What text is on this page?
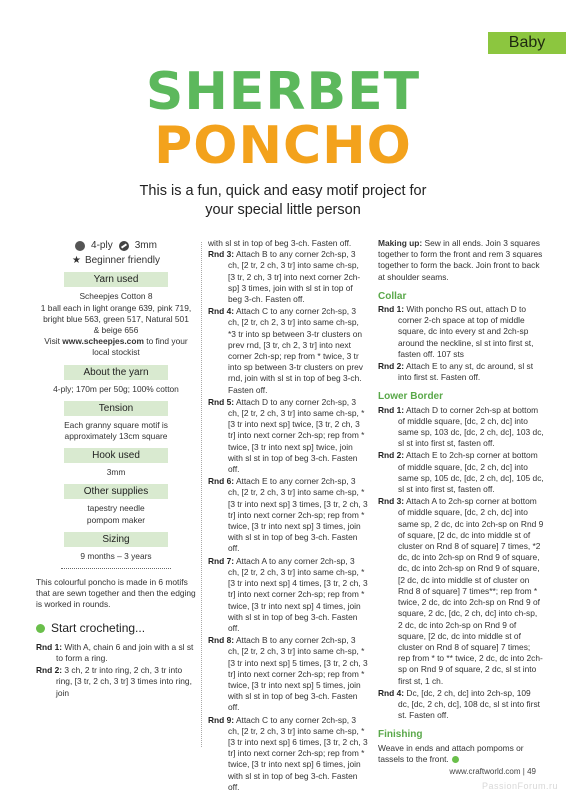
Baby
SHERBET
PONCHO
This is a fun, quick and easy motif project for
your special little person
4-ply 3mm
★ Beginner friendly
Yarn used

Scheepjes Cotton 8

1 ball each in light orange 639, pink 719,

bright blue 563, green 517, Natural 501

& beige 656

Visit www.scheepjes.com to find your

local stockist

About the yarn

4-ply; 170m per 50g; 100% cotton

Tension

Each granny square motif is

approximately 13cm square

Hook used

3mm

Other supplies

tapestry needle

pompom maker

Sizing

9 months – 3 years

This colourful poncho is made in 6 motifs that are sewn together and then the edging is worked in rounds.

Start crocheting...

Rnd 1: With A, chain 6 and join with a sl st to form a ring.

Rnd 2: 3 ch, 2 tr into ring, 2 ch, 3 tr into ring, [3 tr, 2 ch, 3 tr] 3 times into ring, join

with sl st in top of beg 3-ch. Fasten off.

Rnd 3: Attach B to any corner 2ch-sp, 3 ch, [2 tr, 2 ch, 3 tr] into same ch-sp, [3 tr, 2 ch, 3 tr] into next corner 2ch-sp] 3 times, join with sl st in top of beg 3-ch. Fasten off.

Rnd 4: Attach C to any corner 2ch-sp, 3 ch, [2 tr, ch 2, 3 tr] into same ch-sp, *3 tr into sp between 3-tr clusters on prev rnd, [3 tr, ch 2, 3 tr] into next corner 2ch-sp; rep from * twice, 3 tr into sp between 3-tr clusters on prev rnd, join with sl st in top of beg 3-ch. Fasten off.

Rnd 5: Attach D to any corner 2ch-sp, 3 ch, [2 tr, 2 ch, 3 tr] into same ch-sp, *[3 tr into next sp] twice, [3 tr, 2 ch, 3 tr] into next corner 2ch-sp; rep from * twice, [3 tr into next sp] twice, join with sl st in top of beg 3-ch. Fasten off.

Rnd 6: Attach E to any corner 2ch-sp, 3 ch, [2 tr, 2 ch, 3 tr] into same ch-sp, *[3 tr into next sp] 3 times, [3 tr, 2 ch, 3 tr] into next corner 2ch-sp; rep from * twice, [3 tr into next sp] 3 times, join with sl st in top of beg 3-ch. Fasten off.

Rnd 7: Attach A to any corner 2ch-sp, 3 ch, [2 tr, 2 ch, 3 tr] into same ch-sp, *[3 tr into next sp] 4 times, [3 tr, 2 ch, 3 tr] into next corner 2ch-sp; rep from * twice, [3 tr into next sp] 4 times, join with sl st in top of beg 3-ch. Fasten off.

Rnd 8: Attach B to any corner 2ch-sp, 3 ch, [2 tr, 2 ch, 3 tr] into same ch-sp, *[3 tr into next sp] 5 times, [3 tr, 2 ch, 3 tr] into next corner 2ch-sp; rep from * twice, [3 tr into next sp] 5 times, join with sl st in top of beg 3-ch. Fasten off.

Rnd 9: Attach C to any corner 2ch-sp, 3 ch, [2 tr, 2 ch, 3 tr] into same ch-sp, *[3 tr into next sp] 6 times, [3 tr, 2 ch, 3 tr] into next corner 2ch-sp; rep from * twice, [3 tr into next sp] 6 times, join with sl st in top of beg 3-ch. Fasten off.

Making up: Sew in all ends. Join 3 squares together to form the front and rem 3 squares together to form the back. Join front to back at shoulder seams.

Collar

Rnd 1: With poncho RS out, attach D to corner 2-ch space at top of middle square, dc into every st and 2ch-sp around the neckline, sl st into first st, fasten off. 107 sts

Rnd 2: Attach E to any st, dc around, sl st into first st. Fasten off.

Lower Border

Rnd 1: Attach D to corner 2ch-sp at bottom of middle square, [dc, 2 ch, dc] into same sp, 103 dc, [dc, 2 ch, dc], 103 dc, sl st into first st, fasten off.

Rnd 2: Attach E to 2ch-sp corner at bottom of middle square, [dc, 2 ch, dc] into same sp, 105 dc, [dc, 2 ch, dc], 105 dc, sl st into first st, fasten off.

Rnd 3: Attach A to 2ch-sp corner at bottom of middle square, [dc, 2 ch, dc] into same sp, 2 dc, dc into 2ch-sp on Rnd 9 of square, [2 dc, dc into middle st of cluster on Rnd 8 of square] 7 times, *2 dc, dc into 2ch-sp on Rnd 9 of square, dc, dc into 2ch-sp on Rnd 9 of square, [2 dc, dc into middle st of cluster on Rnd 8 of square] 7 times**; rep from * twice, 2 dc, dc into 2ch-sp on Rnd 9 of square, 2 dc, [dc, 2 ch, dc] into ch-sp, 2 dc, dc into 2ch-sp on Rnd 9 of square, [2 dc, dc into middle st of cluster on Rnd 8 of square] 7 times; rep from * to ** twice, 2 dc, dc into 2ch-sp on Rnd 9 of square, 2 dc, sl st into first st, 1 ch.

Rnd 4: Dc, [dc, 2 ch, dc] into 2ch-sp, 109 dc, [dc, 2 ch, dc], 108 dc, sl st into first st. Fasten off.

Finishing

Weave in ends and attach pompoms or tassels to the front.

www.craftworld.com | 49
PassionForum.ru
